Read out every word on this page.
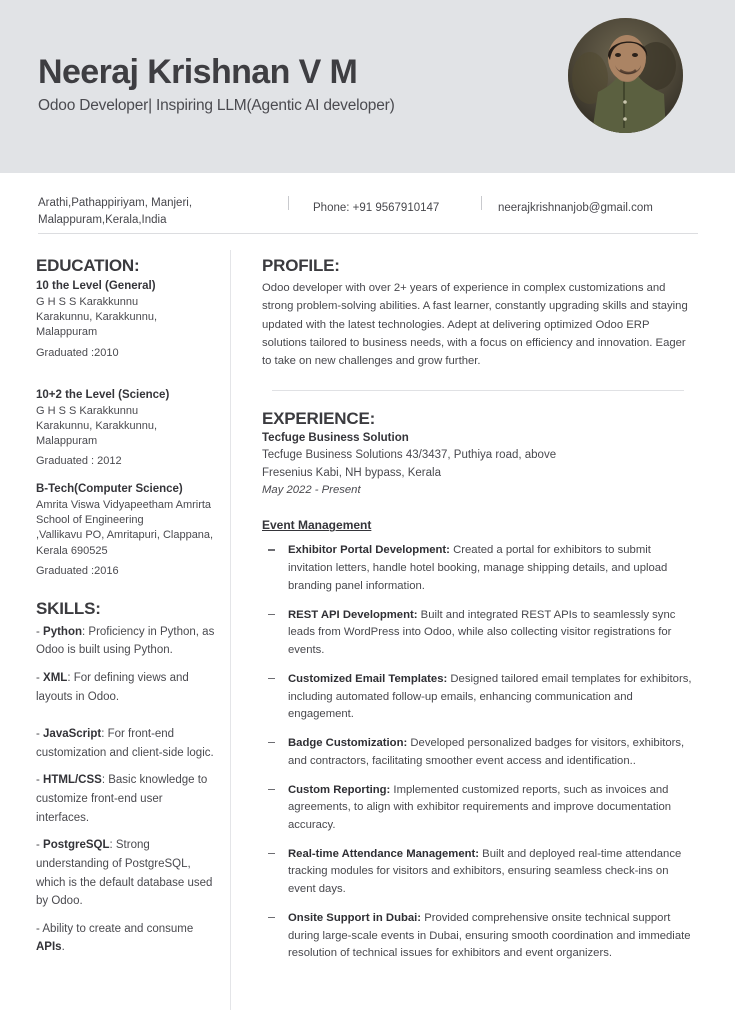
Neeraj Krishnan V M
Odoo Developer| Inspiring LLM(Agentic AI developer)
Arathi,Pathappiriyam, Manjeri, Malappuram,Kerala,India
Phone: +91 9567910147	neerajkrishnanjob@gmail.com
EDUCATION:
10 the Level (General)
G H S S Karakkunnu
Karakunnu, Karakkunnu, Malappuram
Graduated :2010
10+2 the Level (Science)
G H S S Karakkunnu
Karakunnu, Karakkunnu, Malappuram
Graduated : 2012
B-Tech(Computer Science)
Amrita Viswa Vidyapeetham Amrirta School of Engineering
,Vallikavu PO, Amritapuri, Clappana, Kerala 690525
Graduated :2016
SKILLS:
- Python: Proficiency in Python, as Odoo is built using Python.
- XML: For defining views and layouts in Odoo.
- JavaScript: For front-end customization and client-side logic.
- HTML/CSS: Basic knowledge to customize front-end user interfaces.
- PostgreSQL: Strong understanding of PostgreSQL, which is the default database used by Odoo.
- Ability to create and consume APIs.
PROFILE:
Odoo developer with over 2+ years of experience in complex customizations and strong problem-solving abilities. A fast learner, constantly upgrading skills and staying updated with the latest technologies. Adept at delivering optimized Odoo ERP solutions tailored to business needs, with a focus on efficiency and innovation. Eager to take on new challenges and grow further.
EXPERIENCE:
Tecfuge Business Solution
Tecfuge Business Solutions 43/3437, Puthiya road, above
Fresenius Kabi, NH bypass, Kerala
May 2022 - Present
Event Management
Exhibitor Portal Development: Created a portal for exhibitors to submit invitation letters, handle hotel booking, manage shipping details, and upload branding panel information.
REST API Development: Built and integrated REST APIs to seamlessly sync leads from WordPress into Odoo, while also collecting visitor registrations for events.
Customized Email Templates: Designed tailored email templates for exhibitors, including automated follow-up emails, enhancing communication and engagement.
Badge Customization: Developed personalized badges for visitors, exhibitors, and contractors, facilitating smoother event access and identification..
Custom Reporting: Implemented customized reports, such as invoices and agreements, to align with exhibitor requirements and improve documentation accuracy.
Real-time Attendance Management: Built and deployed real-time attendance tracking modules for visitors and exhibitors, ensuring seamless check-ins on event days.
Onsite Support in Dubai: Provided comprehensive onsite technical support during large-scale events in Dubai, ensuring smooth coordination and immediate resolution of technical issues for exhibitors and event organizers.
